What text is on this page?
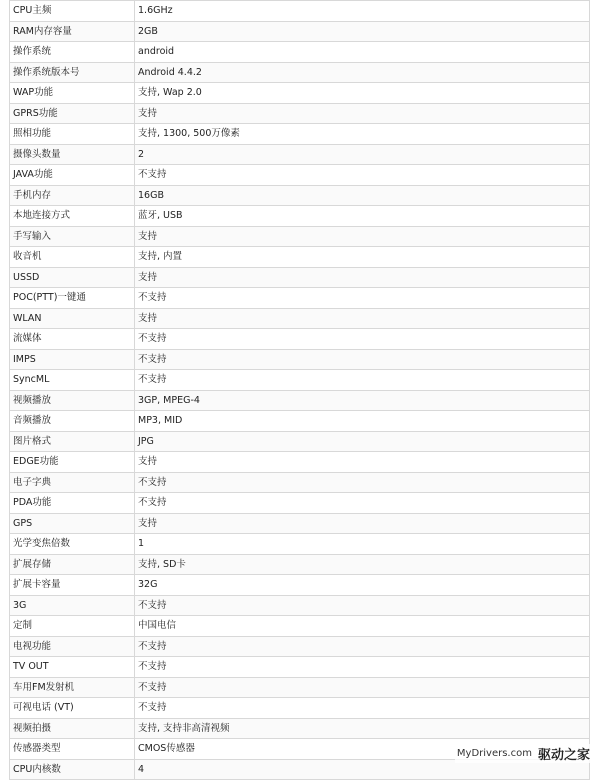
CPU主频	1.6GHz
RAM内存容量	2GB
操作系统	android
操作系统版本号	Android 4.4.2
WAP功能	支持, Wap 2.0
GPRS功能	支持
照相功能	支持, 1300, 500万像素
摄像头数量	2
JAVA功能	不支持
手机内存	16GB
本地连接方式	蓝牙, USB
手写输入	支持
收音机	支持, 内置
USSD	支持
POC(PTT)一键通	不支持
WLAN	支持
流媒体	不支持
IMPS	不支持
SyncML	不支持
视频播放	3GP, MPEG-4
音频播放	MP3, MID
图片格式	JPG
EDGE功能	支持
电子字典	不支持
PDA功能	不支持
GPS	支持
光学变焦倍数	1
扩展存储	支持, SD卡
扩展卡容量	32G
3G	不支持
定制	中国电信
电视功能	不支持
TV OUT	不支持
车用FM发射机	不支持
可视电话 (VT)	不支持
视频拍摄	支持, 支持非高清视频
传感器类型	CMOS传感器
CPU内核数	4
MyDrivers.com 驱动之家
